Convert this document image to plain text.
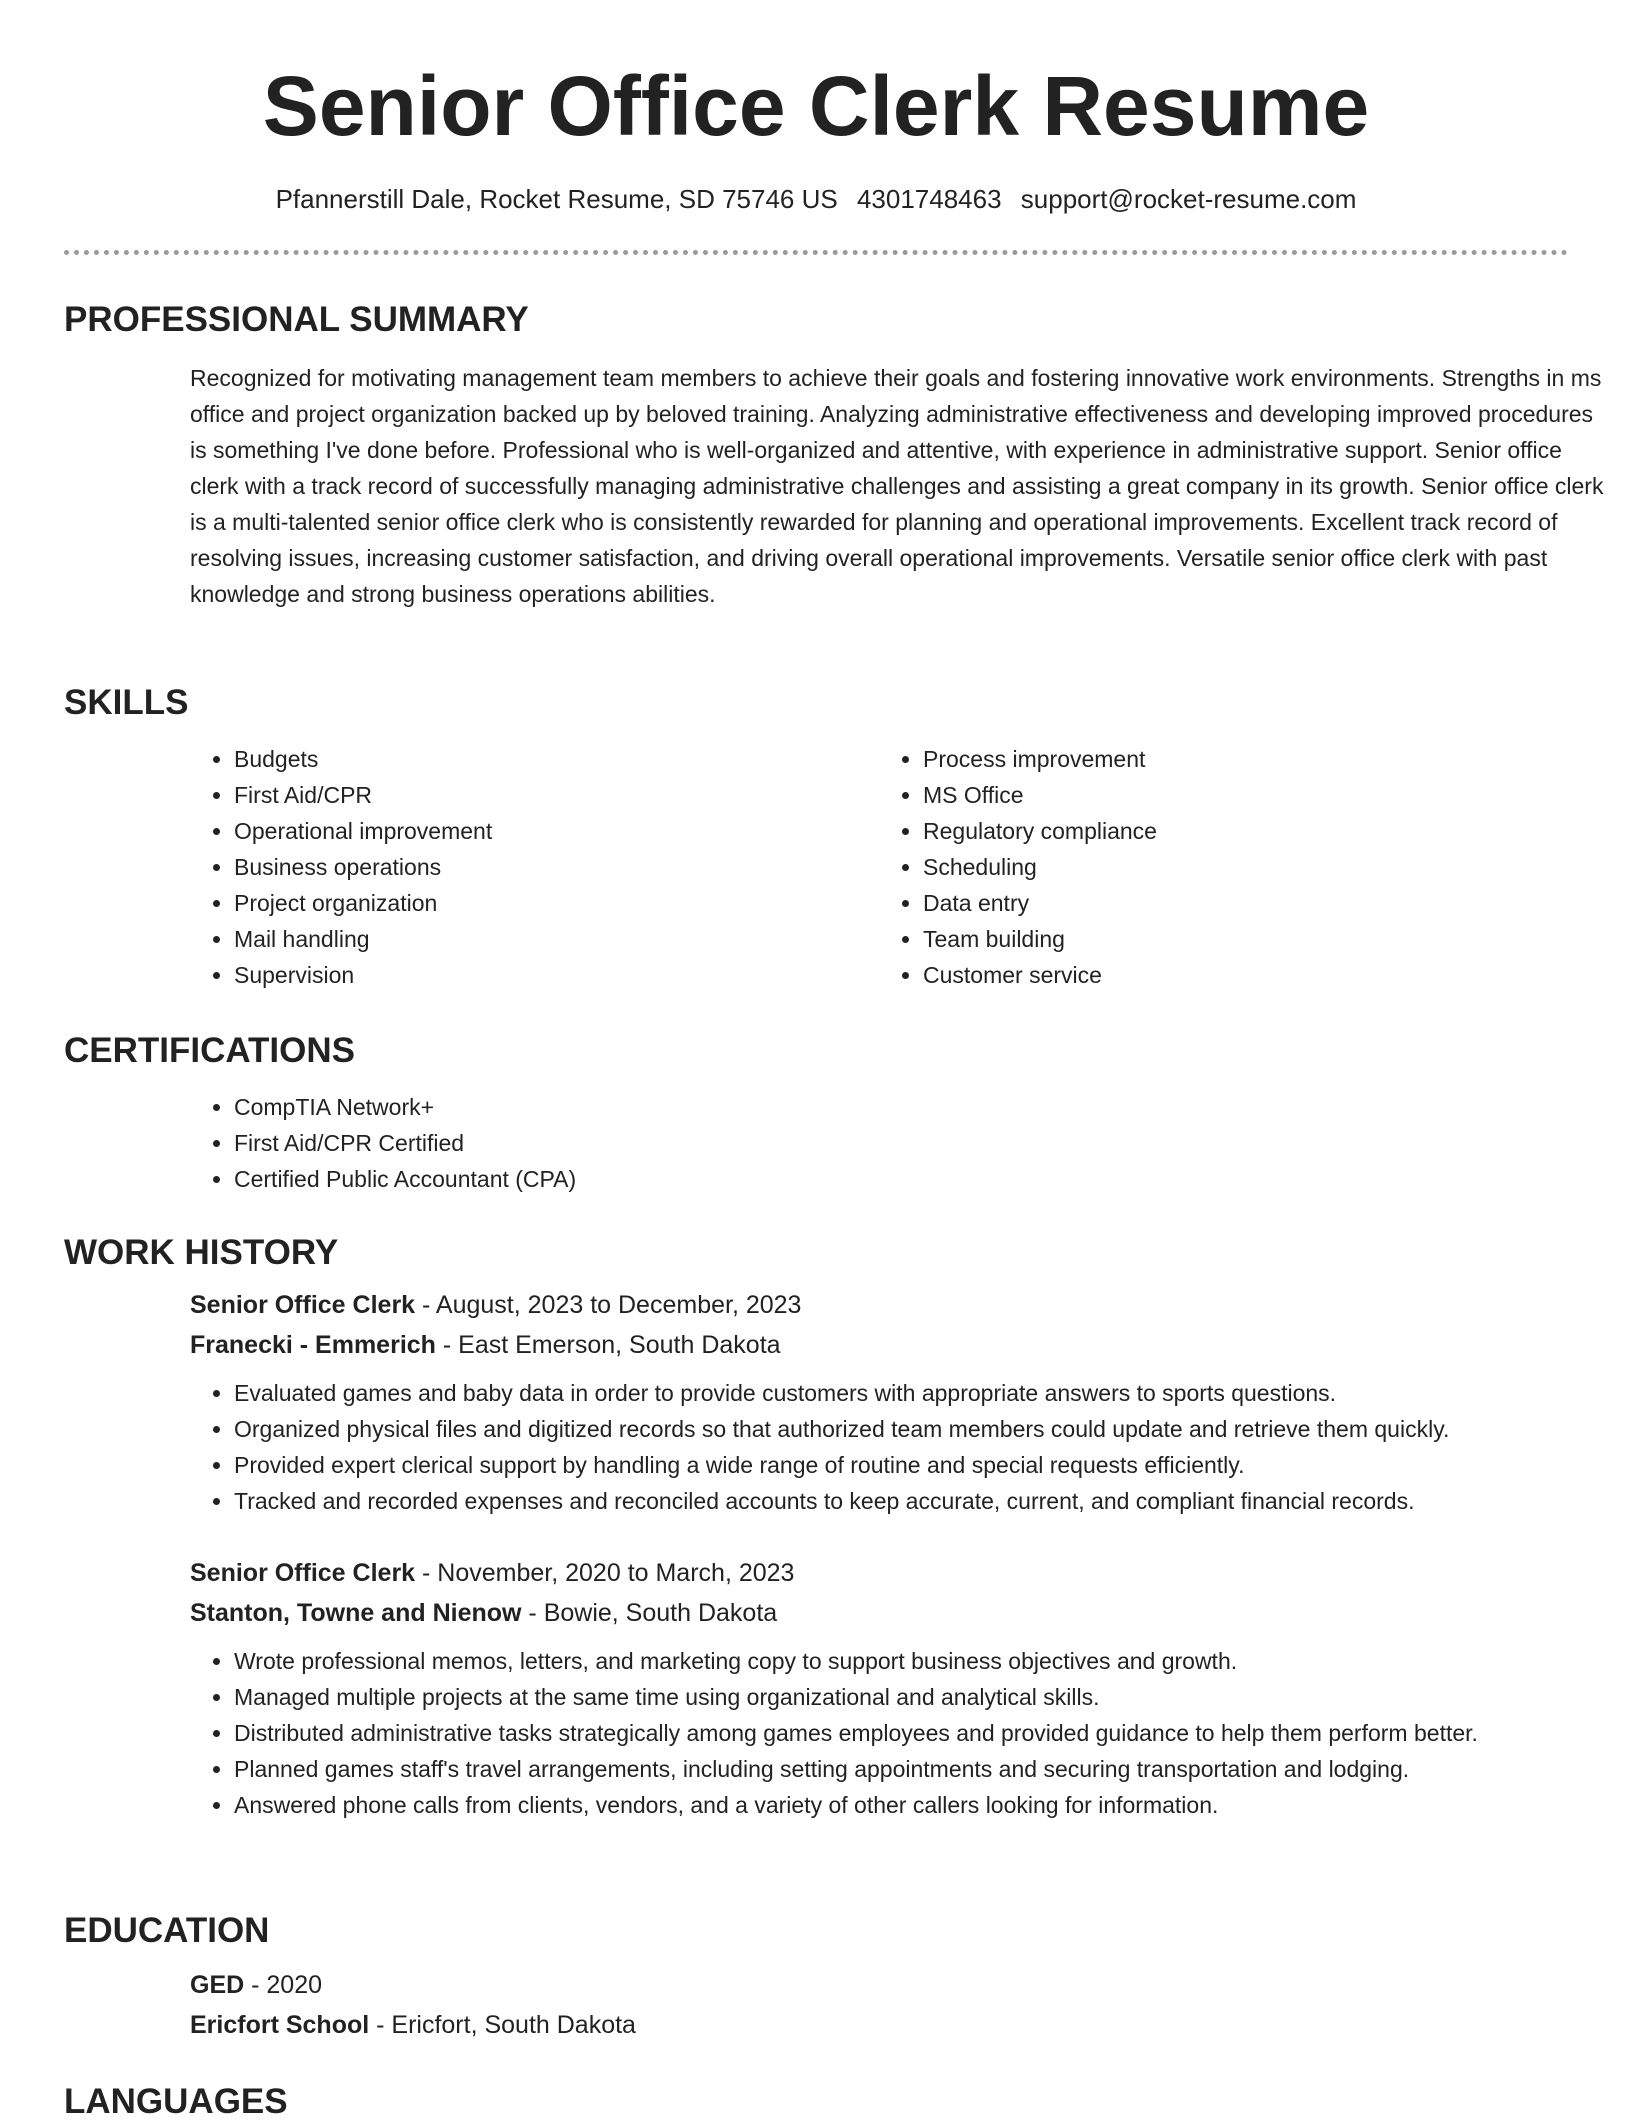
Senior Office Clerk Resume
Pfannerstill Dale, Rocket Resume, SD 75746 US 4301748463 support@rocket-resume.com
PROFESSIONAL SUMMARY
Recognized for motivating management team members to achieve their goals and fostering innovative work environments. Strengths in ms office and project organization backed up by beloved training. Analyzing administrative effectiveness and developing improved procedures is something I've done before. Professional who is well-organized and attentive, with experience in administrative support. Senior office clerk with a track record of successfully managing administrative challenges and assisting a great company in its growth. Senior office clerk is a multi-talented senior office clerk who is consistently rewarded for planning and operational improvements. Excellent track record of resolving issues, increasing customer satisfaction, and driving overall operational improvements. Versatile senior office clerk with past knowledge and strong business operations abilities.
SKILLS
• Budgets
• First Aid/CPR
• Operational improvement
• Business operations
• Project organization
• Mail handling
• Supervision
• Process improvement
• MS Office
• Regulatory compliance
• Scheduling
• Data entry
• Team building
• Customer service
CERTIFICATIONS
• CompTIA Network+
• First Aid/CPR Certified
• Certified Public Accountant (CPA)
WORK HISTORY
Senior Office Clerk - August, 2023 to December, 2023
Franecki - Emmerich - East Emerson, South Dakota
• Evaluated games and baby data in order to provide customers with appropriate answers to sports questions.
• Organized physical files and digitized records so that authorized team members could update and retrieve them quickly.
• Provided expert clerical support by handling a wide range of routine and special requests efficiently.
• Tracked and recorded expenses and reconciled accounts to keep accurate, current, and compliant financial records.
Senior Office Clerk - November, 2020 to March, 2023
Stanton, Towne and Nienow - Bowie, South Dakota
• Wrote professional memos, letters, and marketing copy to support business objectives and growth.
• Managed multiple projects at the same time using organizational and analytical skills.
• Distributed administrative tasks strategically among games employees and provided guidance to help them perform better.
• Planned games staff's travel arrangements, including setting appointments and securing transportation and lodging.
• Answered phone calls from clients, vendors, and a variety of other callers looking for information.
EDUCATION
GED - 2020
Ericfort School - Ericfort, South Dakota
LANGUAGES
